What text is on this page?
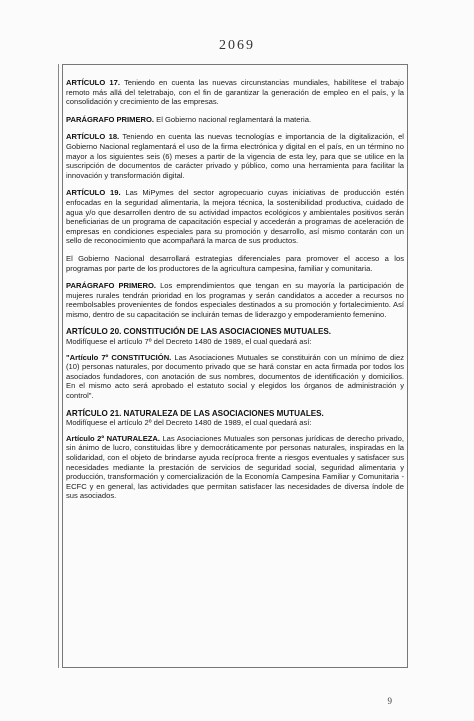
2069

ARTÍCULO 17. Teniendo en cuenta las nuevas circunstancias mundiales, habilítese el trabajo remoto más allá del teletrabajo, con el fin de garantizar la generación de empleo en el país, y la consolidación y crecimiento de las empresas.

PARÁGRAFO PRIMERO. El Gobierno nacional reglamentará la materia.

ARTÍCULO 18. Teniendo en cuenta las nuevas tecnologías e importancia de la digitalización, el Gobierno Nacional reglamentará el uso de la firma electrónica y digital en el país, en un término no mayor a los siguientes seis (6) meses a partir de la vigencia de esta ley, para que se utilice en la suscripción de documentos de carácter privado y público, como una herramienta para facilitar la innovación y transformación digital.

ARTÍCULO 19. Las MiPymes del sector agropecuario cuyas iniciativas de producción estén enfocadas en la seguridad alimentaria, la mejora técnica, la sostenibilidad productiva, cuidado de agua y/o que desarrollen dentro de su actividad impactos ecológicos y ambientales positivos serán beneficiarias de un programa de capacitación especial y accederán a programas de aceleración de empresas en condiciones especiales para su promoción y desarrollo, así mismo contarán con un sello de reconocimiento que acompañará la marca de sus productos.

El Gobierno Nacional desarrollará estrategias diferenciales para promover el acceso a los programas por parte de los productores de la agricultura campesina, familiar y comunitaria.

PARÁGRAFO PRIMERO. Los emprendimientos que tengan en su mayoría la participación de mujeres rurales tendrán prioridad en los programas y serán candidatos a acceder a recursos no reembolsables provenientes de fondos especiales destinados a su promoción y fortalecimiento. Así mismo, dentro de su capacitación se incluirán temas de liderazgo y empoderamiento femenino.

ARTÍCULO 20. CONSTITUCIÓN DE LAS ASOCIACIONES MUTUALES.
Modifíquese el artículo 7º del Decreto 1480 de 1989, el cual quedará así:

"Artículo 7º CONSTITUCIÓN. Las Asociaciones Mutuales se constituirán con un mínimo de diez (10) personas naturales, por documento privado que se hará constar en acta firmada por todos los asociados fundadores, con anotación de sus nombres, documentos de identificación y domicilios. En el mismo acto será aprobado el estatuto social y elegidos los órganos de administración y control".

ARTÍCULO 21. NATURALEZA DE LAS ASOCIACIONES MUTUALES.
Modifíquese el artículo 2º del Decreto 1480 de 1989, el cual quedará así:

Artículo 2º NATURALEZA. Las Asociaciones Mutuales son personas jurídicas de derecho privado, sin ánimo de lucro, constituidas libre y democráticamente por personas naturales, inspiradas en la solidaridad, con el objeto de brindarse ayuda recíproca frente a riesgos eventuales y satisfacer sus necesidades mediante la prestación de servicios de seguridad social, seguridad alimentaria y producción, transformación y comercialización de la Economía Campesina Familiar y Comunitaria -ECFC y en general, las actividades que permitan satisfacer las necesidades de diversa índole de sus asociados.

9
